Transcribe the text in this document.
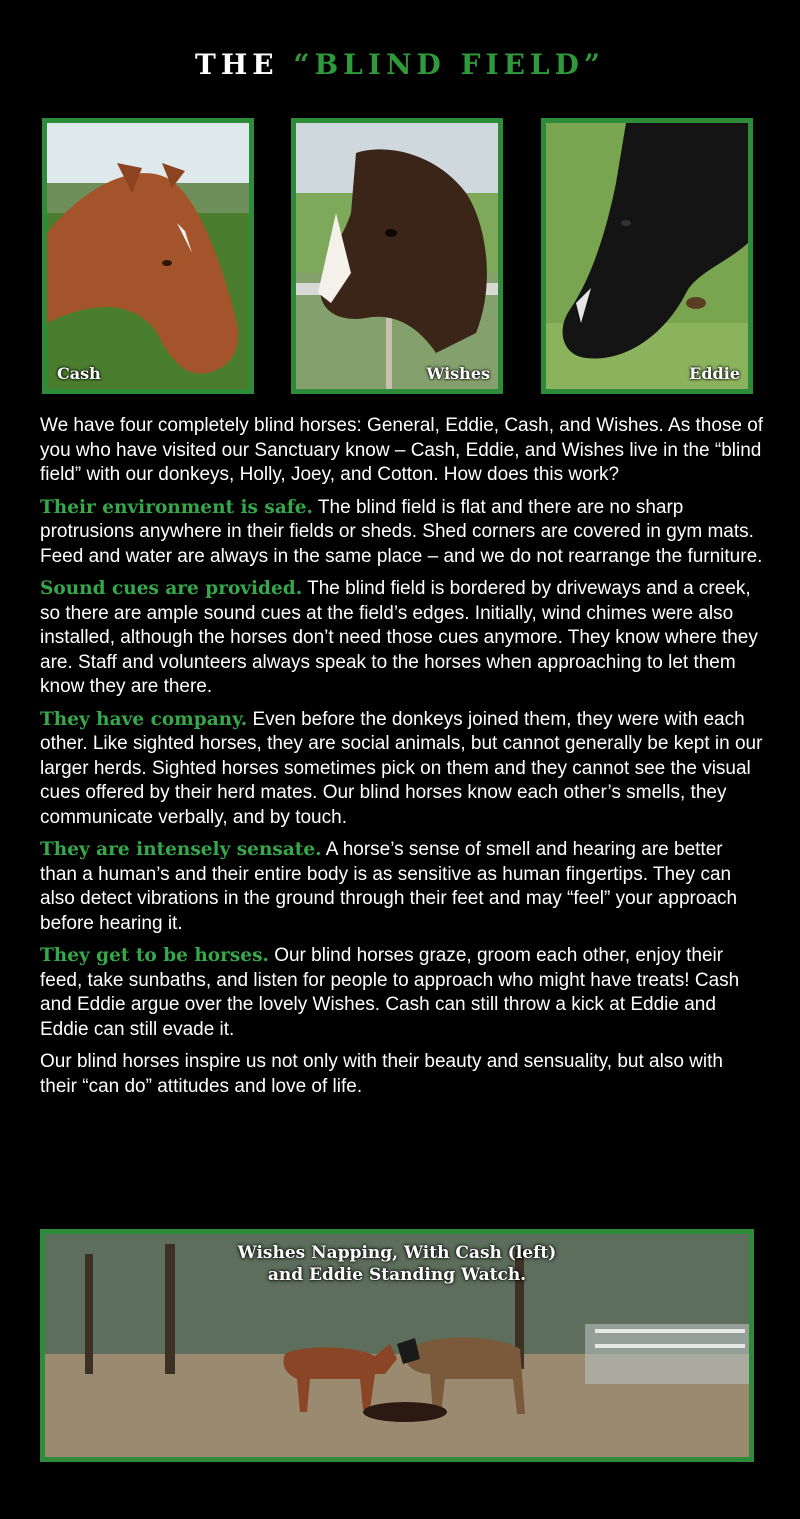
THE “BLIND FIELD”
Cash	Wishes	Eddie

We have four completely blind horses: General, Eddie, Cash, and Wishes. As those of you who have visited our Sanctuary know – Cash, Eddie, and Wishes live in the “blind field” with our donkeys, Holly, Joey, and Cotton. How does this work?

Their environment is safe. The blind field is flat and there are no sharp protrusions anywhere in their fields or sheds. Shed corners are covered in gym mats. Feed and water are always in the same place – and we do not rearrange the furniture.

Sound cues are provided. The blind field is bordered by driveways and a creek, so there are ample sound cues at the field’s edges. Initially, wind chimes were also installed, although the horses don’t need those cues anymore. They know where they are. Staff and volunteers always speak to the horses when approaching to let them know they are there.

They have company. Even before the donkeys joined them, they were with each other. Like sighted horses, they are social animals, but cannot generally be kept in our larger herds. Sighted horses sometimes pick on them and they cannot see the visual cues offered by their herd mates. Our blind horses know each other’s smells, they communicate verbally, and by touch.

They are intensely sensate. A horse’s sense of smell and hearing are better than a human’s and their entire body is as sensitive as human fingertips. They can also detect vibrations in the ground through their feet and may “feel” your approach before hearing it.

They get to be horses. Our blind horses graze, groom each other, enjoy their feed, take sunbaths, and listen for people to approach who might have treats! Cash and Eddie argue over the lovely Wishes. Cash can still throw a kick at Eddie and Eddie can still evade it.

Our blind horses inspire us not only with their beauty and sensuality, but also with their “can do” attitudes and love of life.

Wishes Napping, With Cash (left)
and Eddie Standing Watch.
